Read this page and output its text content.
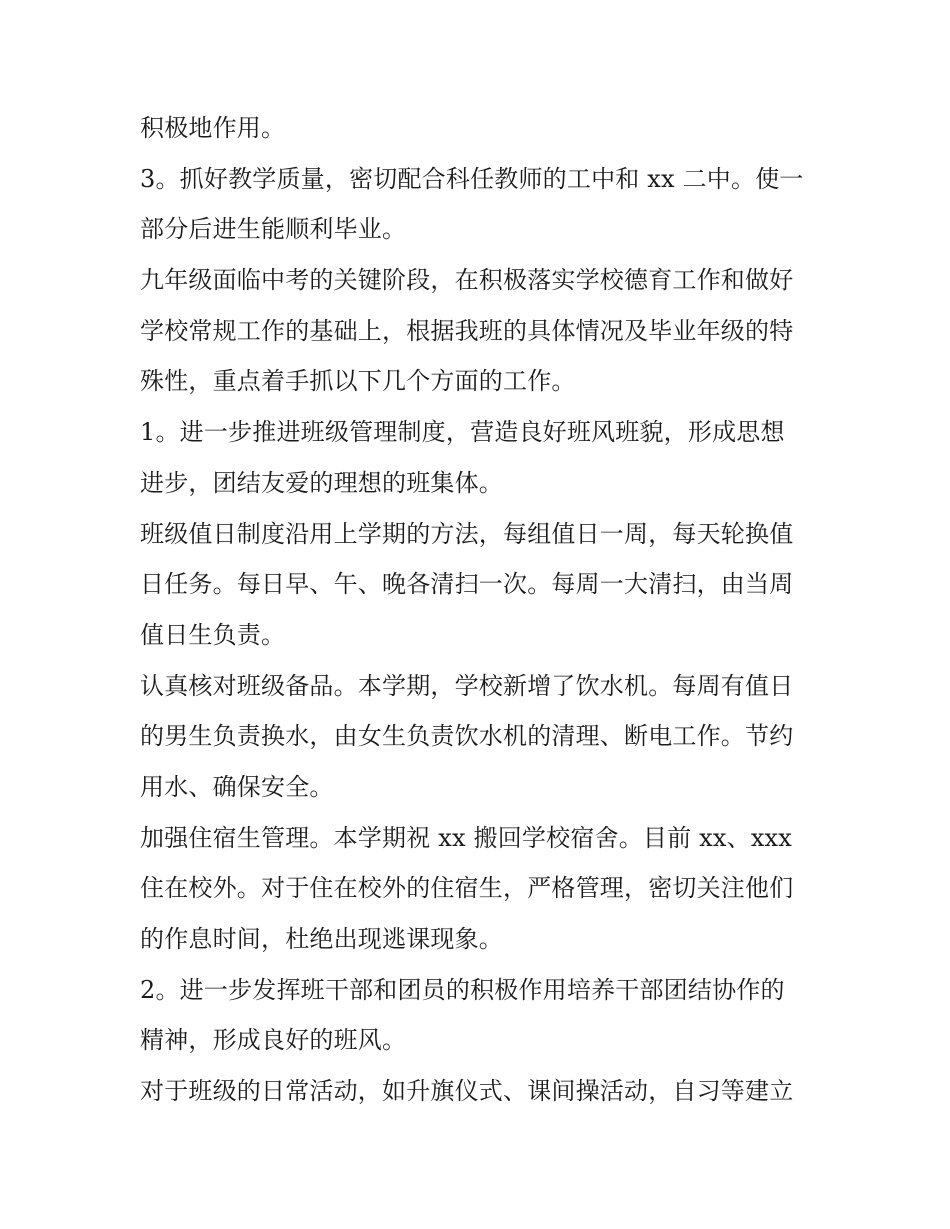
积极地作用。
3。抓好教学质量，密切配合科任教师的工中和 xx 二中。使一
部分后进生能顺利毕业。
九年级面临中考的关键阶段，在积极落实学校德育工作和做好
学校常规工作的基础上，根据我班的具体情况及毕业年级的特
殊性，重点着手抓以下几个方面的工作。
1。进一步推进班级管理制度，营造良好班风班貌，形成思想
进步，团结友爱的理想的班集体。
班级值日制度沿用上学期的方法，每组值日一周，每天轮换值
日任务。每日早、午、晚各清扫一次。每周一大清扫，由当周
值日生负责。
认真核对班级备品。本学期，学校新增了饮水机。每周有值日
的男生负责换水，由女生负责饮水机的清理、断电工作。节约
用水、确保安全。
加强住宿生管理。本学期祝 xx 搬回学校宿舍。目前 xx、xxx
住在校外。对于住在校外的住宿生，严格管理，密切关注他们
的作息时间，杜绝出现逃课现象。
2。进一步发挥班干部和团员的积极作用培养干部团结协作的
精神，形成良好的班风。
对于班级的日常活动，如升旗仪式、课间操活动，自习等建立
